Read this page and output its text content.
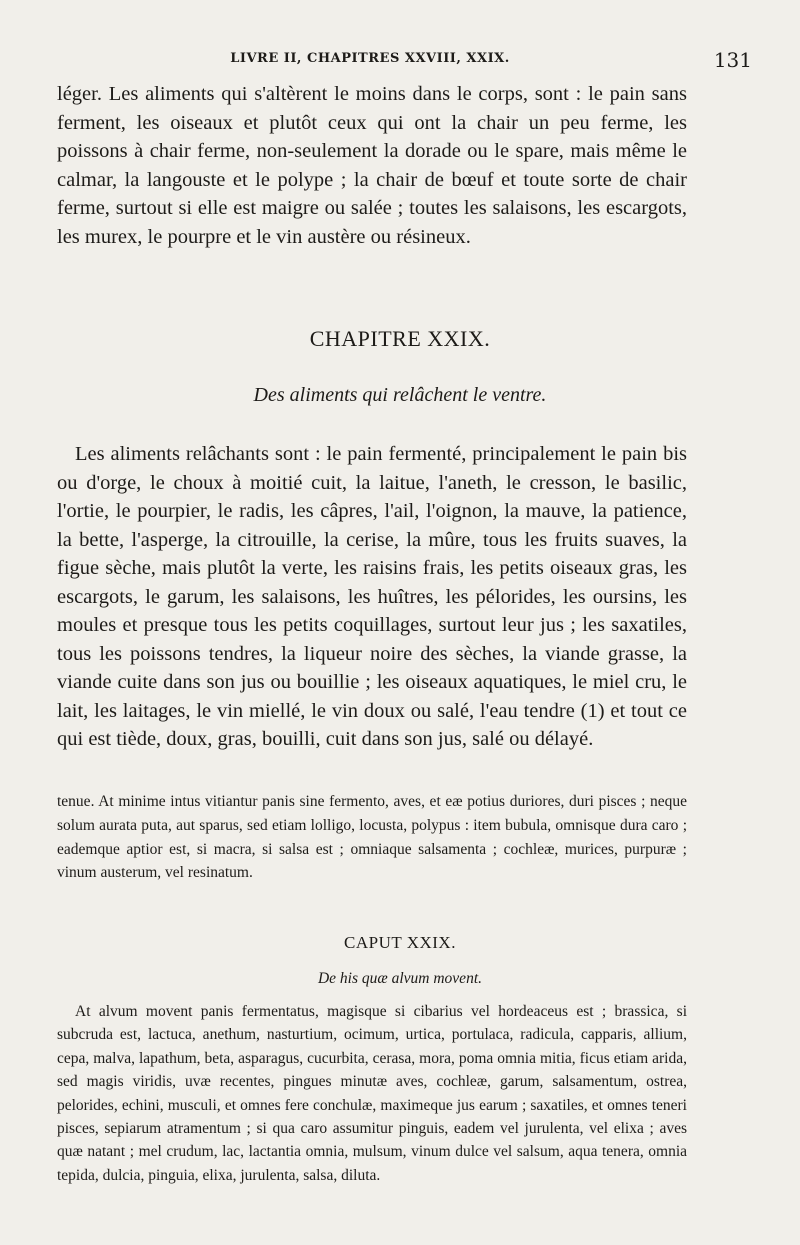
LIVRE II, CHAPITRES XXVIII, XXIX.	131

léger. Les aliments qui s'altèrent le moins dans le corps, sont : le pain sans ferment, les oiseaux et plutôt ceux qui ont la chair un peu ferme, les poissons à chair ferme, non-seulement la dorade ou le spare, mais même le calmar, la langouste et le polype ; la chair de bœuf et toute sorte de chair ferme, surtout si elle est maigre ou salée ; toutes les salaisons, les escargots, les murex, le pourpre et le vin austère ou résineux.

CHAPITRE XXIX.
Des aliments qui relâchent le ventre.

Les aliments relâchants sont : le pain fermenté, principalement le pain bis ou d'orge, le choux à moitié cuit, la laitue, l'aneth, le cresson, le basilic, l'ortie, le pourpier, le radis, les câpres, l'ail, l'oignon, la mauve, la patience, la bette, l'asperge, la citrouille, la cerise, la mûre, tous les fruits suaves, la figue sèche, mais plutôt la verte, les raisins frais, les petits oiseaux gras, les escargots, le garum, les salaisons, les huîtres, les pélorides, les oursins, les moules et presque tous les petits coquillages, surtout leur jus ; les saxatiles, tous les poissons tendres, la liqueur noire des sèches, la viande grasse, la viande cuite dans son jus ou bouillie ; les oiseaux aquatiques, le miel cru, le lait, les laitages, le vin miellé, le vin doux ou salé, l'eau tendre (1) et tout ce qui est tiède, doux, gras, bouilli, cuit dans son jus, salé ou délayé.

tenue. At minime intus vitiantur panis sine fermento, aves, et eæ potius duriores, duri pisces ; neque solum aurata puta, aut sparus, sed etiam lolligo, locusta, polypus : item bubula, omnisque dura caro ; eademque aptior est, si macra, si salsa est ; omniaque salsamenta ; cochleæ, murices, purpuræ ; vinum austerum, vel resinatum.

CAPUT XXIX.
De his quæ alvum movent.

At alvum movent panis fermentatus, magisque si cibarius vel hordeaceus est ; brassica, si subcruda est, lactuca, anethum, nasturtium, ocimum, urtica, portulaca, radicula, capparis, allium, cepa, malva, lapathum, beta, asparagus, cucurbita, cerasa, mora, poma omnia mitia, ficus etiam arida, sed magis viridis, uvæ recentes, pingues minutæ aves, cochleæ, garum, salsamentum, ostrea, pelorides, echini, musculi, et omnes fere conchulæ, maximeque jus earum ; saxatiles, et omnes teneri pisces, sepiarum atramentum ; si qua caro assumitur pinguis, eadem vel jurulenta, vel elixa ; aves quæ natant ; mel crudum, lac, lactantia omnia, mulsum, vinum dulce vel salsum, aqua tenera, omnia tepida, dulcia, pinguia, elixa, jurulenta, salsa, diluta.
